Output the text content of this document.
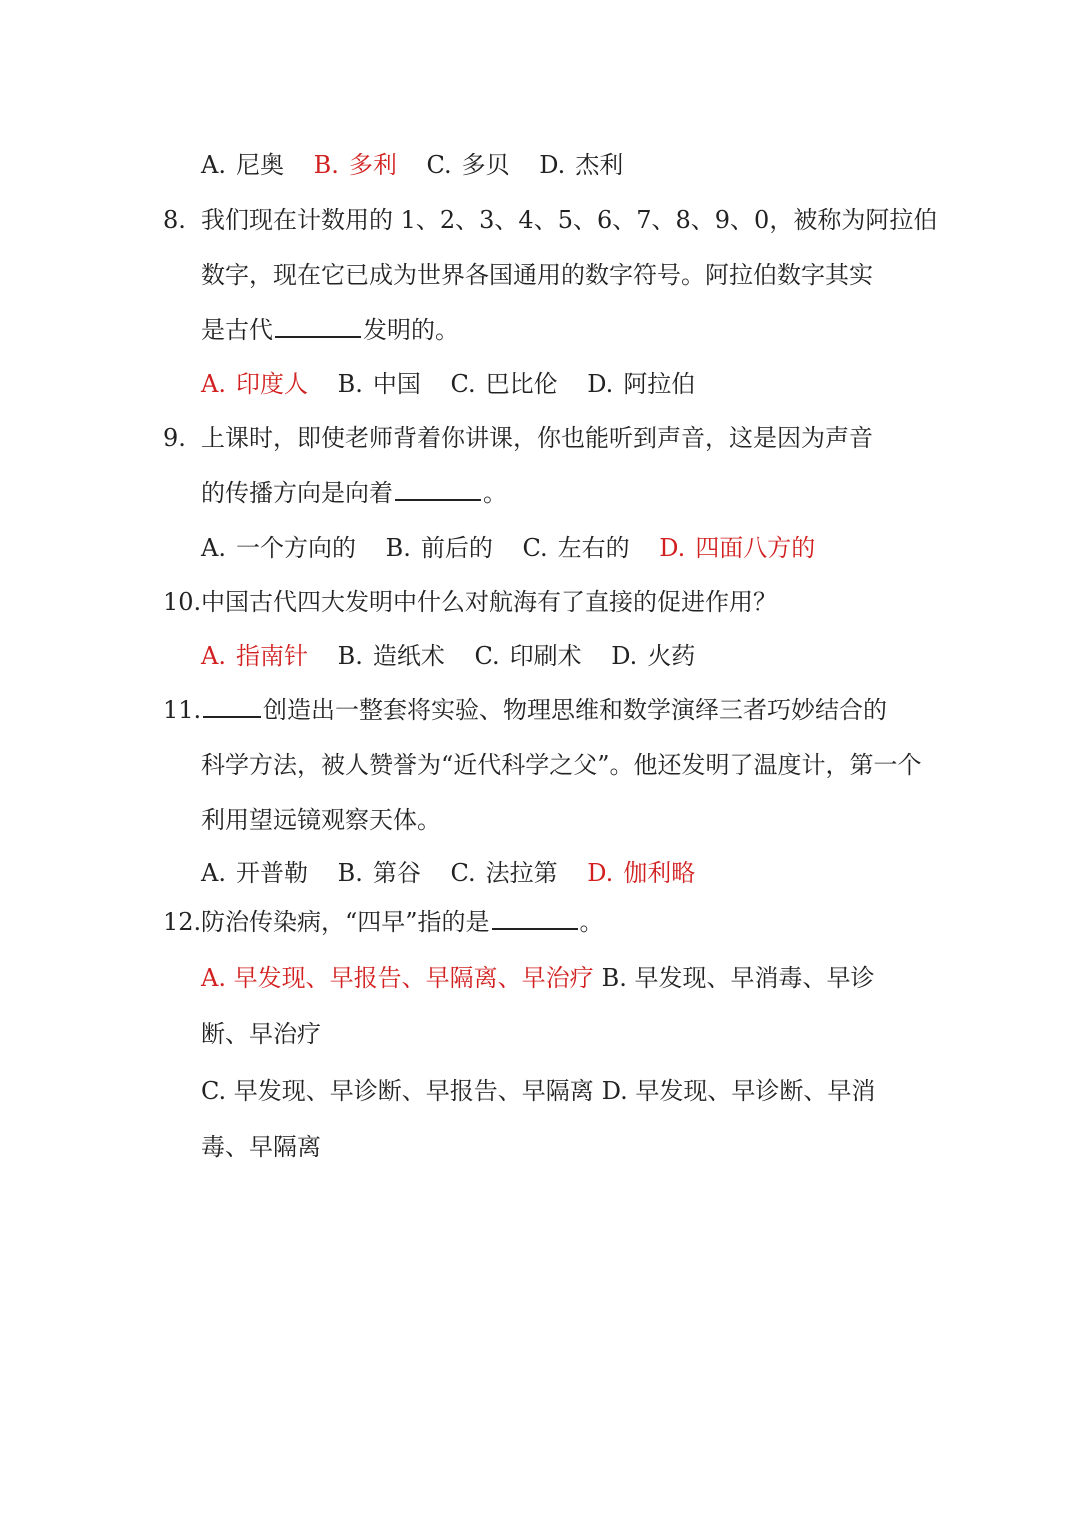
A. 尼奥 B. 多利 C. 多贝 D. 杰利
8. 我们现在计数用的 1、2、3、4、5、6、7、8、9、0，被称为阿拉伯
数字，现在它已成为世界各国通用的数字符号。阿拉伯数字其实
是古代	发明的。
A. 印度人 B. 中国 C. 巴比伦 D. 阿拉伯
9. 上课时，即使老师背着你讲课，你也能听到声音，这是因为声音
的传播方向是向着	。
A. 一个方向的 B. 前后的 C. 左右的 D. 四面八方的
10. 中国古代四大发明中什么对航海有了直接的促进作用？
A. 指南针 B. 造纸术 C. 印刷术 D. 火药
11.	创造出一整套将实验、物理思维和数学演绎三者巧妙结合的
科学方法，被人赞誉为“近代科学之父”。他还发明了温度计，第一个
利用望远镜观察天体。
A. 开普勒 B. 第谷 C. 法拉第 D. 伽利略
12. 防治传染病，“四早”指的是	。
A. 早发现、早报告、早隔离、早治疗 B. 早发现、早消毒、早诊
断、早治疗
C. 早发现、早诊断、早报告、早隔离 D. 早发现、早诊断、早消
毒、早隔离
